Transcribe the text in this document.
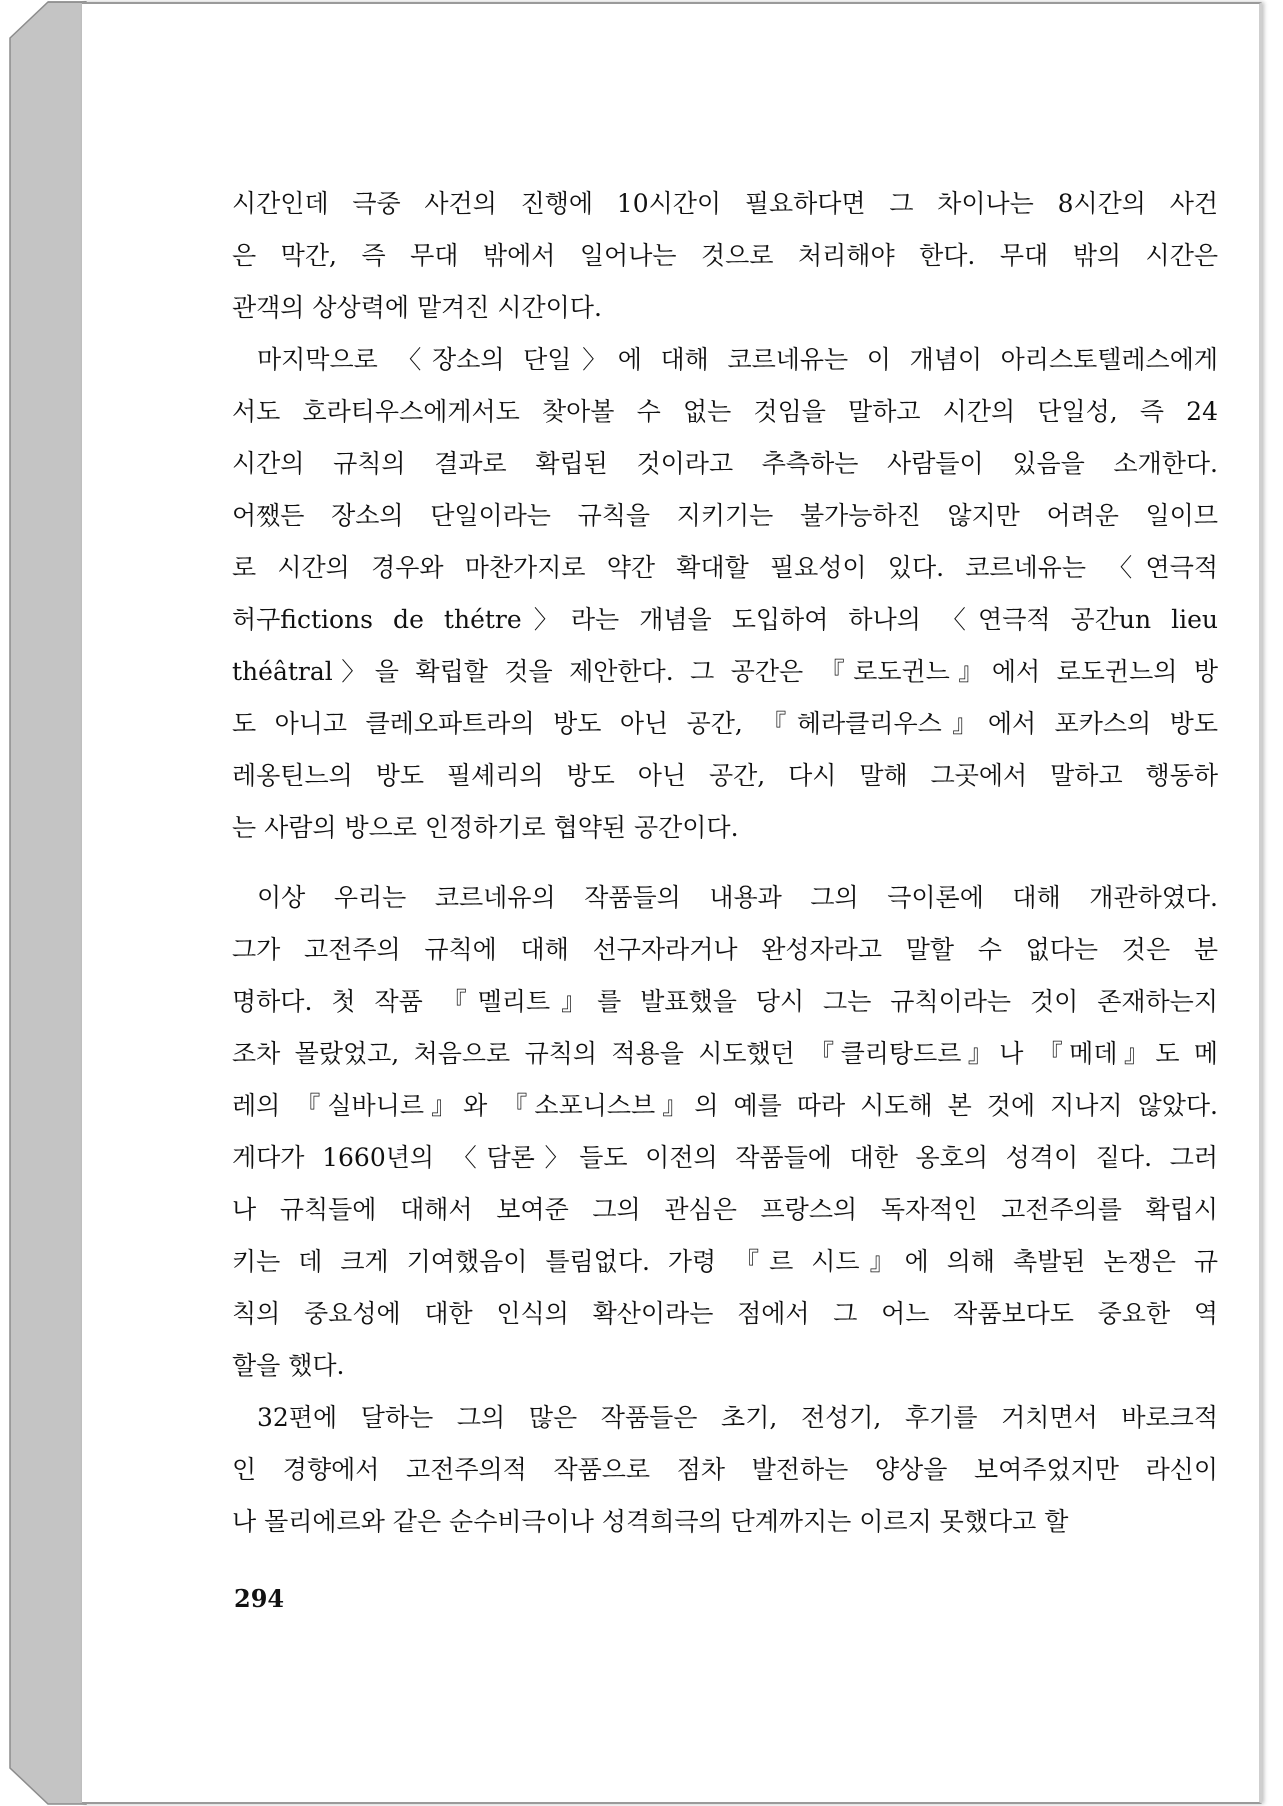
시간인데 극중 사건의 진행에 10시간이 필요하다면 그 차이나는 8시간의 사건
은 막간, 즉 무대 밖에서 일어나는 것으로 처리해야 한다. 무대 밖의 시간은
관객의 상상력에 맡겨진 시간이다.
마지막으로 〈장소의 단일〉에 대해 코르네유는 이 개념이 아리스토텔레스에게
서도 호라티우스에게서도 찾아볼 수 없는 것임을 말하고 시간의 단일성, 즉 24
시간의 규칙의 결과로 확립된 것이라고 추측하는 사람들이 있음을 소개한다.
어쨌든 장소의 단일이라는 규칙을 지키기는 불가능하진 않지만 어려운 일이므
로 시간의 경우와 마찬가지로 약간 확대할 필요성이 있다. 코르네유는 〈연극적
허구fictions de thétre〉라는 개념을 도입하여 하나의 〈연극적 공간un lieu
théâtral〉을 확립할 것을 제안한다. 그 공간은 『로도귄느』에서 로도귄느의 방
도 아니고 클레오파트라의 방도 아닌 공간, 『헤라클리우스』에서 포카스의 방도
레옹틴느의 방도 필셰리의 방도 아닌 공간, 다시 말해 그곳에서 말하고 행동하
는 사람의 방으로 인정하기로 협약된 공간이다.
이상 우리는 코르네유의 작품들의 내용과 그의 극이론에 대해 개관하였다.
그가 고전주의 규칙에 대해 선구자라거나 완성자라고 말할 수 없다는 것은 분
명하다. 첫 작품 『멜리트』를 발표했을 당시 그는 규칙이라는 것이 존재하는지
조차 몰랐었고, 처음으로 규칙의 적용을 시도했던 『클리탕드르』나 『메데』도 메
레의 『실바니르』와 『소포니스브』의 예를 따라 시도해 본 것에 지나지 않았다.
게다가 1660년의 〈담론〉들도 이전의 작품들에 대한 옹호의 성격이 짙다. 그러
나 규칙들에 대해서 보여준 그의 관심은 프랑스의 독자적인 고전주의를 확립시
키는 데 크게 기여했음이 틀림없다. 가령 『르 시드』에 의해 촉발된 논쟁은 규
칙의 중요성에 대한 인식의 확산이라는 점에서 그 어느 작품보다도 중요한 역
할을 했다.
32편에 달하는 그의 많은 작품들은 초기, 전성기, 후기를 거치면서 바로크적
인 경향에서 고전주의적 작품으로 점차 발전하는 양상을 보여주었지만 라신이
나 몰리에르와 같은 순수비극이나 성격희극의 단계까지는 이르지 못했다고 할
294
